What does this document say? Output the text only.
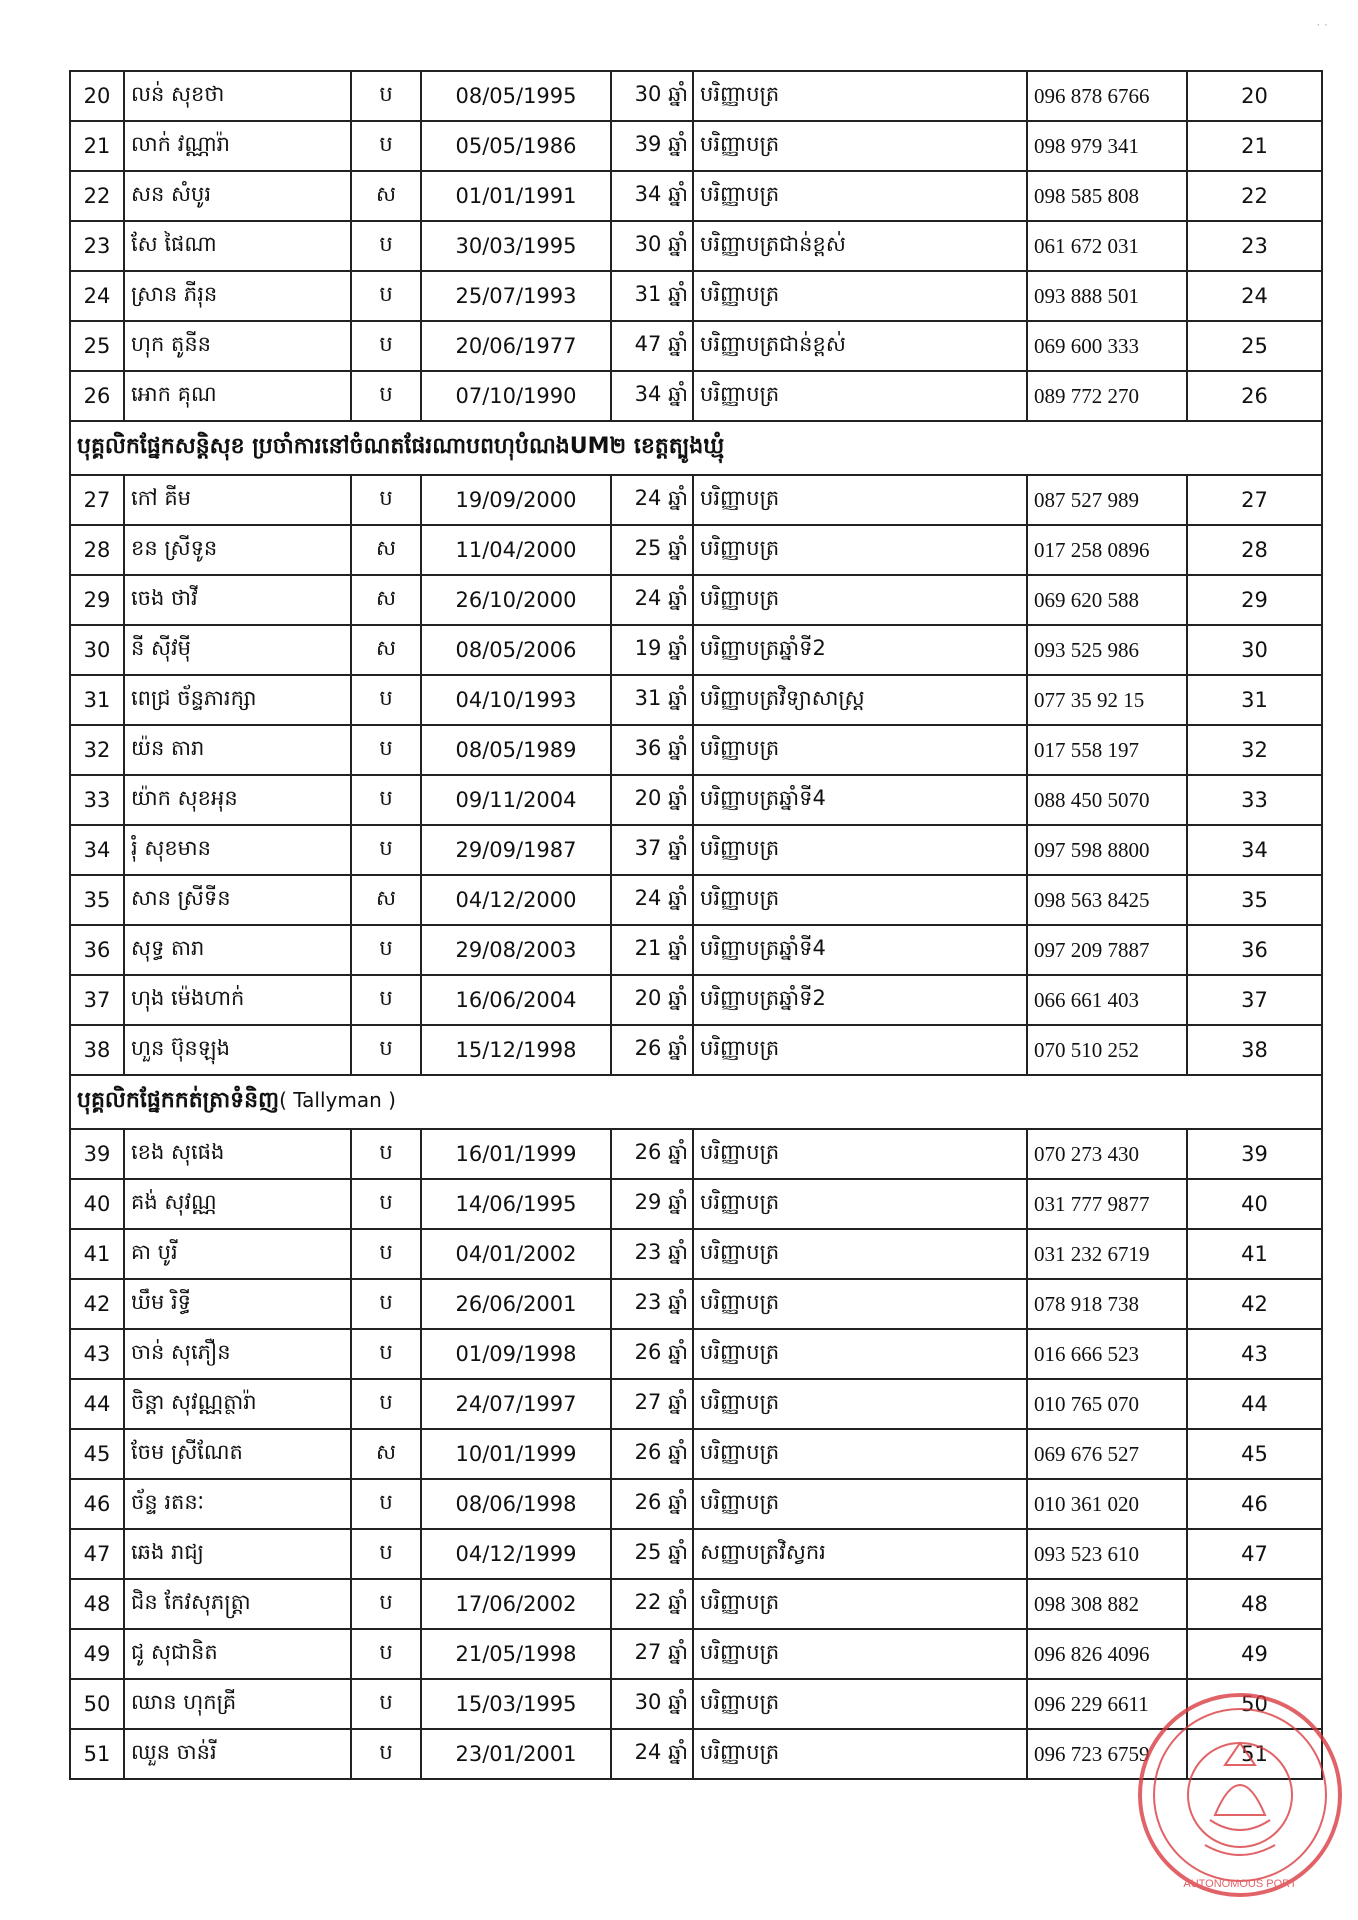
· ·
20	លន់ សុខថា	ប	08/05/1995	30 ឆ្នាំ	បរិញ្ញាបត្រ	096 878 6766	20
21	លាក់ វណ្ណារ៉ា	ប	05/05/1986	39 ឆ្នាំ	បរិញ្ញាបត្រ	098 979 341	21
22	សន សំបូរ	ស	01/01/1991	34 ឆ្នាំ	បរិញ្ញាបត្រ	098 585 808	22
23	សែ ផៃណា	ប	30/03/1995	30 ឆ្នាំ	បរិញ្ញាបត្រជាន់ខ្ពស់	061 672 031	23
24	ស្រាន ភីរុន	ប	25/07/1993	31 ឆ្នាំ	បរិញ្ញាបត្រ	093 888 501	24
25	ហុក តូនីន	ប	20/06/1977	47 ឆ្នាំ	បរិញ្ញាបត្រជាន់ខ្ពស់	069 600 333	25
26	អោក គុណ	ប	07/10/1990	34 ឆ្នាំ	បរិញ្ញាបត្រ	089 772 270	26
បុគ្គលិកផ្នែកសន្តិសុខ ប្រចាំការនៅចំណតផែរណាបពហុបំណងUM២ ខេត្តត្បូងឃ្មុំ							
27	កៅ គីម	ប	19/09/2000	24 ឆ្នាំ	បរិញ្ញាបត្រ	087 527 989	27
28	ខន ស្រីទូន	ស	11/04/2000	25 ឆ្នាំ	បរិញ្ញាបត្រ	017 258 0896	28
29	ចេង ថាវី	ស	26/10/2000	24 ឆ្នាំ	បរិញ្ញាបត្រ	069 620 588	29
30	នី ស៊ីវម៉ី	ស	08/05/2006	19 ឆ្នាំ	បរិញ្ញាបត្រឆ្នាំទី2	093 525 986	30
31	ពេជ្រ ច័ន្ទភារក្សា	ប	04/10/1993	31 ឆ្នាំ	បរិញ្ញាបត្រវិទ្យាសាស្ត្រ	077 35 92 15	31
32	យ៉ន តារា	ប	08/05/1989	36 ឆ្នាំ	បរិញ្ញាបត្រ	017 558 197	32
33	យ៉ាក សុខអុន	ប	09/11/2004	20 ឆ្នាំ	បរិញ្ញាបត្រឆ្នាំទី4	088 450 5070	33
34	រ៉ំ សុខមាន	ប	29/09/1987	37 ឆ្នាំ	បរិញ្ញាបត្រ	097 598 8800	34
35	សាន ស្រីទីន	ស	04/12/2000	24 ឆ្នាំ	បរិញ្ញាបត្រ	098 563 8425	35
36	សុទ្ធ តារា	ប	29/08/2003	21 ឆ្នាំ	បរិញ្ញាបត្រឆ្នាំទី4	097 209 7887	36
37	ហុង ម៉េងហាក់	ប	16/06/2004	20 ឆ្នាំ	បរិញ្ញាបត្រឆ្នាំទី2	066 661 403	37
38	ហួន ប៊ុនឡុង	ប	15/12/1998	26 ឆ្នាំ	បរិញ្ញាបត្រ	070 510 252	38
បុគ្គលិកផ្នែកកត់ត្រាទំនិញ( Tallyman )							
39	ខេង សុផេង	ប	16/01/1999	26 ឆ្នាំ	បរិញ្ញាបត្រ	070 273 430	39
40	គង់ សុវណ្ណ	ប	14/06/1995	29 ឆ្នាំ	បរិញ្ញាបត្រ	031 777 9877	40
41	គា បូរី	ប	04/01/2002	23 ឆ្នាំ	បរិញ្ញាបត្រ	031 232 6719	41
42	ឃឹម រិទ្ធី	ប	26/06/2001	23 ឆ្នាំ	បរិញ្ញាបត្រ	078 918 738	42
43	ចាន់ សុភឿន	ប	01/09/1998	26 ឆ្នាំ	បរិញ្ញាបត្រ	016 666 523	43
44	ចិន្តា សុវណ្ណត្ថារ៉ា	ប	24/07/1997	27 ឆ្នាំ	បរិញ្ញាបត្រ	010 765 070	44
45	ចែម ស្រីណែត	ស	10/01/1999	26 ឆ្នាំ	បរិញ្ញាបត្រ	069 676 527	45
46	ច័ន្ទ រតនៈ	ប	08/06/1998	26 ឆ្នាំ	បរិញ្ញាបត្រ	010 361 020	46
47	ឆេង រាជ្យ	ប	04/12/1999	25 ឆ្នាំ	សញ្ញាបត្រវិស្វករ	093 523 610	47
48	ជិន កែវសុភត្រ្តា	ប	17/06/2002	22 ឆ្នាំ	បរិញ្ញាបត្រ	098 308 882	48
49	ជូ សុជានិត	ប	21/05/1998	27 ឆ្នាំ	បរិញ្ញាបត្រ	096 826 4096	49
50	ឈាន ហុកគ្រី	ប	15/03/1995	30 ឆ្នាំ	បរិញ្ញាបត្រ	096 229 6611	50
51	ឈួន ចាន់រី	ប	23/01/2001	24 ឆ្នាំ	បរិញ្ញាបត្រ	096 723 6759	51
AUTONOMOUS PORT
